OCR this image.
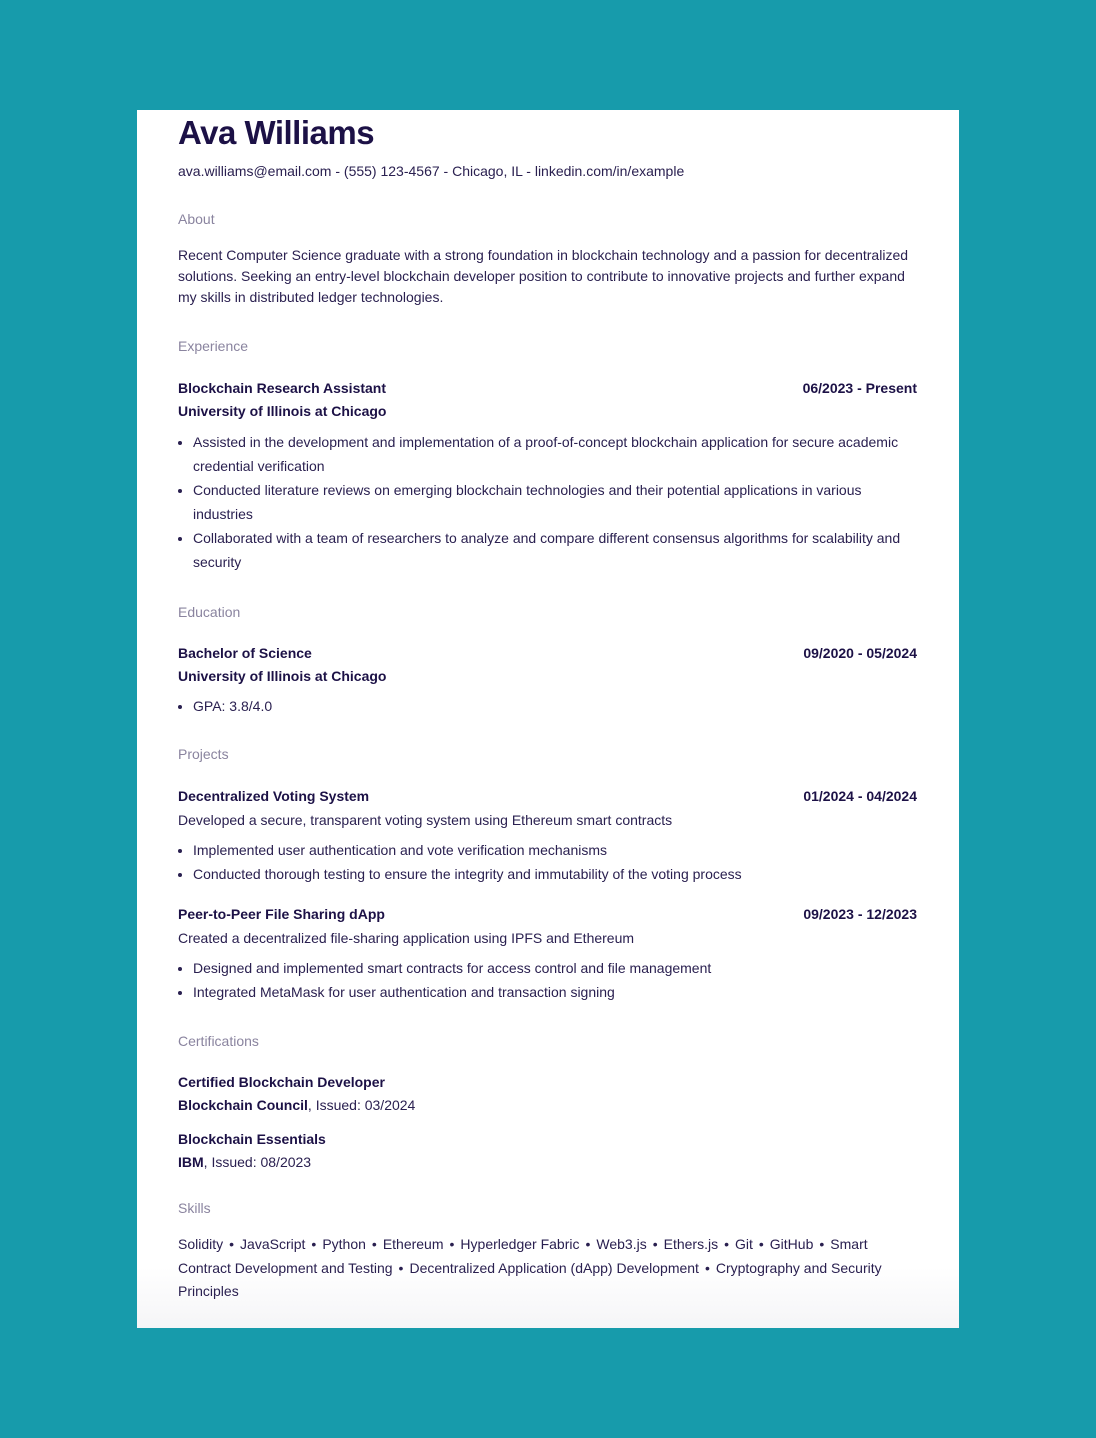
Ava Williams
ava.williams@email.com - (555) 123-4567 - Chicago, IL - linkedin.com/in/example
About
Recent Computer Science graduate with a strong foundation in blockchain technology and a passion for decentralized solutions. Seeking an entry-level blockchain developer position to contribute to innovative projects and further expand my skills in distributed ledger technologies.
Experience
Blockchain Research Assistant	06/2023 - Present
University of Illinois at Chicago
• Assisted in the development and implementation of a proof-of-concept blockchain application for secure academic credential verification
• Conducted literature reviews on emerging blockchain technologies and their potential applications in various industries
• Collaborated with a team of researchers to analyze and compare different consensus algorithms for scalability and security
Education
Bachelor of Science	09/2020 - 05/2024
University of Illinois at Chicago
• GPA: 3.8/4.0
Projects
Decentralized Voting System	01/2024 - 04/2024
Developed a secure, transparent voting system using Ethereum smart contracts
• Implemented user authentication and vote verification mechanisms
• Conducted thorough testing to ensure the integrity and immutability of the voting process
Peer-to-Peer File Sharing dApp	09/2023 - 12/2023
Created a decentralized file-sharing application using IPFS and Ethereum
• Designed and implemented smart contracts for access control and file management
• Integrated MetaMask for user authentication and transaction signing
Certifications
Certified Blockchain Developer
Blockchain Council, Issued: 03/2024
Blockchain Essentials
IBM, Issued: 08/2023
Skills
Solidity • JavaScript • Python • Ethereum • Hyperledger Fabric • Web3.js • Ethers.js • Git • GitHub • Smart Contract Development and Testing • Decentralized Application (dApp) Development • Cryptography and Security Principles
